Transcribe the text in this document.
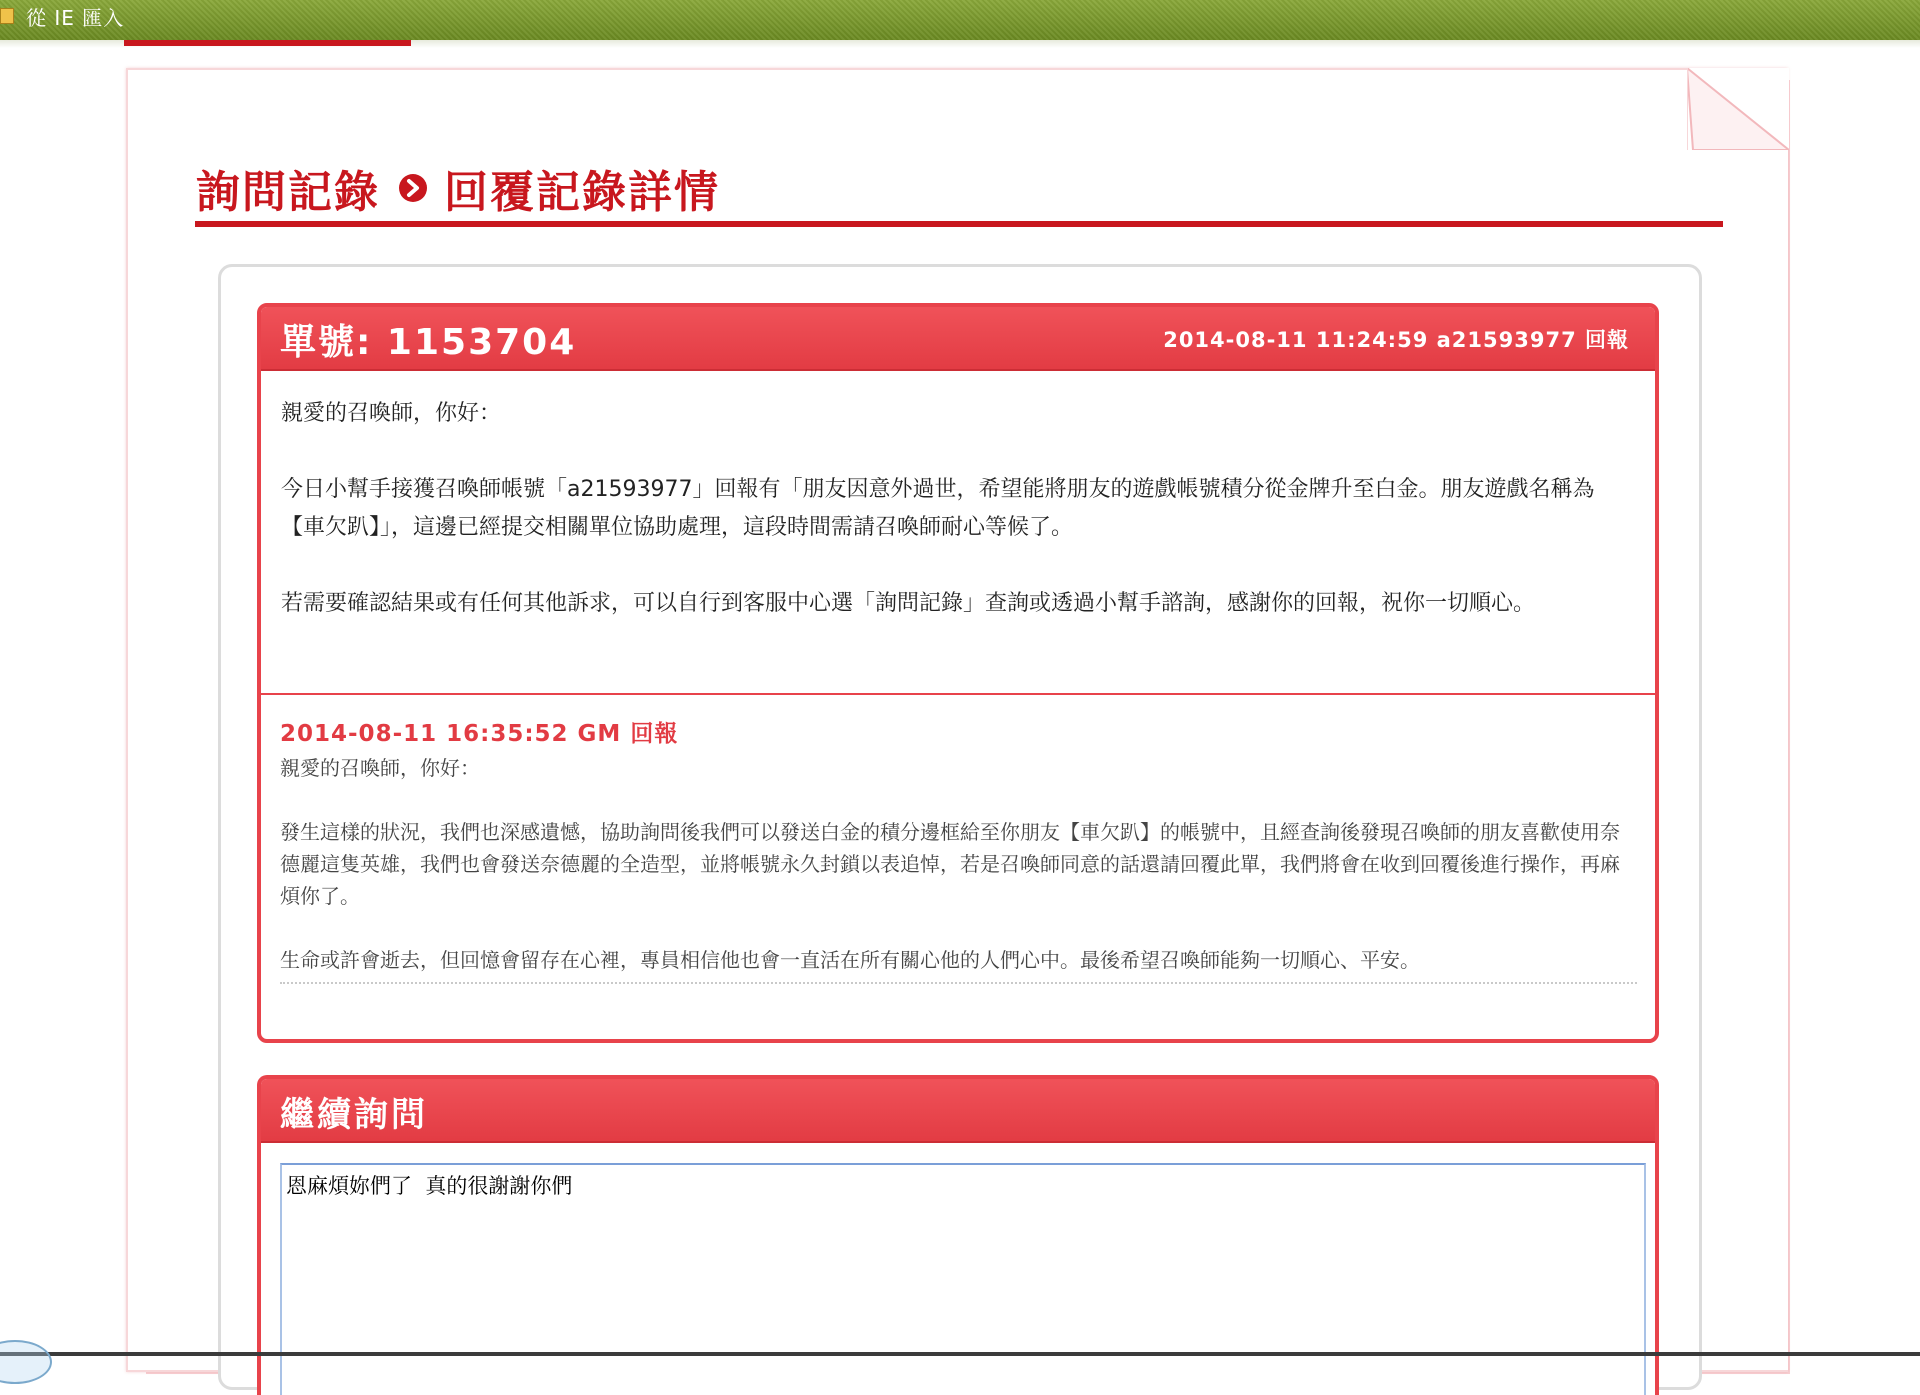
從 IE 匯入
詢問記錄 回覆記錄詳情
單號: 1153704	2014-08-11 11:24:59 a21593977 回報

親愛的召喚師，你好：

今日小幫手接獲召喚師帳號「a21593977」回報有「朋友因意外過世，希望能將朋友的遊戲帳號積分從金牌升至白金。朋友遊戲名稱為【車欠趴】」，這邊已經提交相關單位協助處理，這段時間需請召喚師耐心等候了。

若需要確認結果或有任何其他訴求，可以自行到客服中心選「詢問記錄」查詢或透過小幫手諮詢，感謝你的回報，祝你一切順心。

2014-08-11 16:35:52 GM 回報

親愛的召喚師，你好：

發生這樣的狀況，我們也深感遺憾，協助詢問後我們可以發送白金的積分邊框給至你朋友【車欠趴】的帳號中，且經查詢後發現召喚師的朋友喜歡使用奈德麗這隻英雄，我們也會發送奈德麗的全造型，並將帳號永久封鎖以表追悼，若是召喚師同意的話還請回覆此單，我們將會在收到回覆後進行操作，再麻煩你了。

生命或許會逝去，但回憶會留存在心裡，專員相信他也會一直活在所有關心他的人們心中。最後希望召喚師能夠一切順心、平安。

繼續詢問
恩麻煩妳們了 真的很謝謝你們
